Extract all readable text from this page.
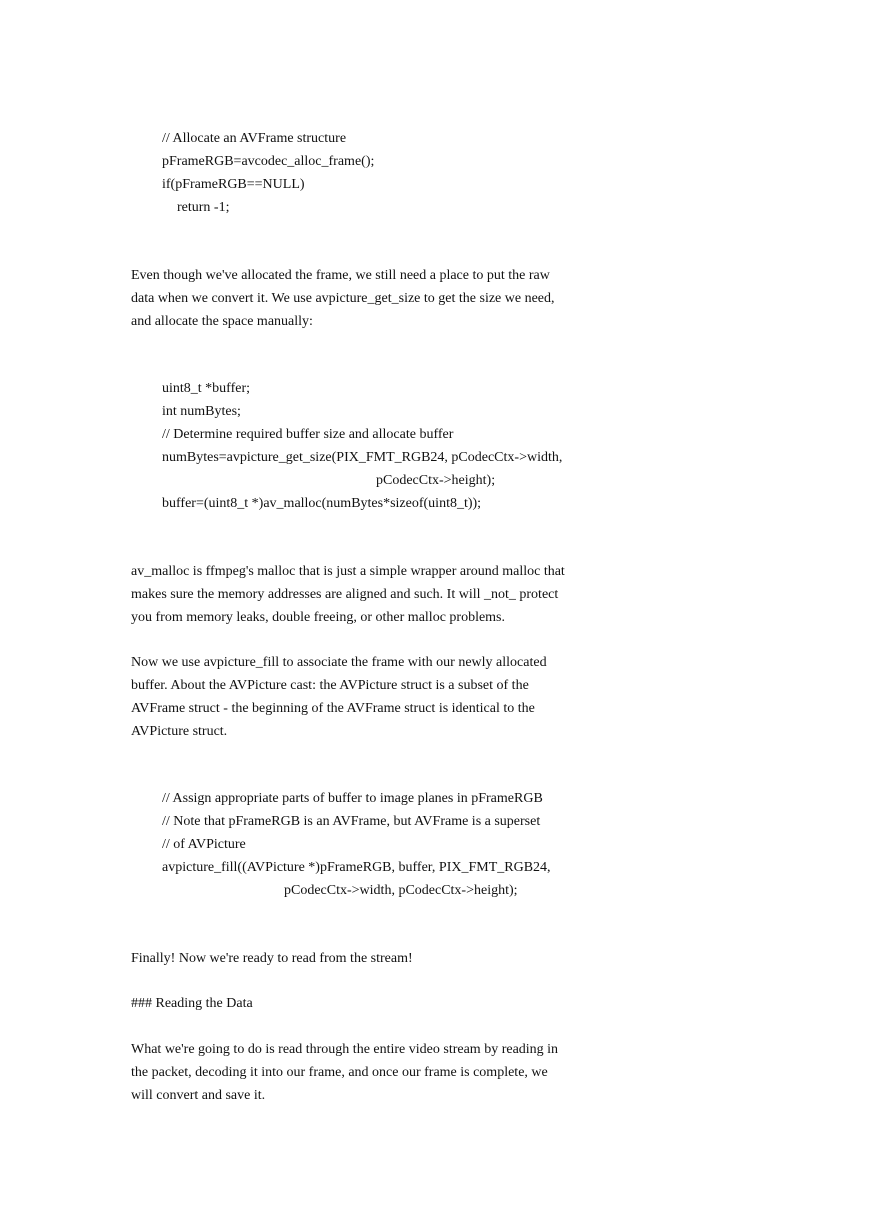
// Allocate an AVFrame structure
pFrameRGB=avcodec_alloc_frame();
if(pFrameRGB==NULL)
return -1;
Even though we've allocated the frame, we still need a place to put the raw
data when we convert it. We use avpicture_get_size to get the size we need,
and allocate the space manually:
uint8_t *buffer;
int numBytes;
// Determine required buffer size and allocate buffer
numBytes=avpicture_get_size(PIX_FMT_RGB24, pCodecCtx->width,
pCodecCtx->height);
buffer=(uint8_t *)av_malloc(numBytes*sizeof(uint8_t));
av_malloc is ffmpeg's malloc that is just a simple wrapper around malloc that
makes sure the memory addresses are aligned and such. It will _not_ protect
you from memory leaks, double freeing, or other malloc problems.
Now we use avpicture_fill to associate the frame with our newly allocated
buffer. About the AVPicture cast: the AVPicture struct is a subset of the
AVFrame struct - the beginning of the AVFrame struct is identical to the
AVPicture struct.
// Assign appropriate parts of buffer to image planes in pFrameRGB
// Note that pFrameRGB is an AVFrame, but AVFrame is a superset
// of AVPicture
avpicture_fill((AVPicture *)pFrameRGB, buffer, PIX_FMT_RGB24,
pCodecCtx->width, pCodecCtx->height);
Finally! Now we're ready to read from the stream!
### Reading the Data
What we're going to do is read through the entire video stream by reading in
the packet, decoding it into our frame, and once our frame is complete, we
will convert and save it.
